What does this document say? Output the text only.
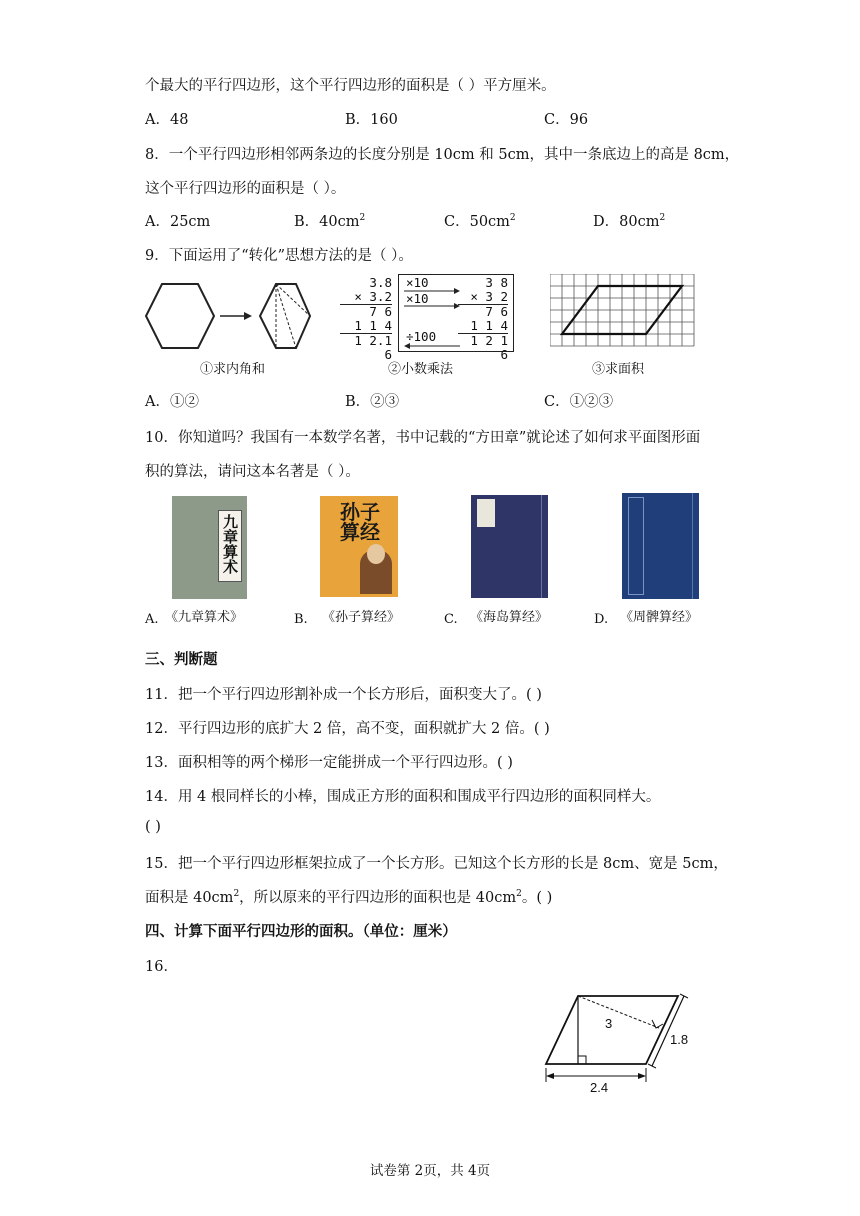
个最大的平行四边形，这个平行四边形的面积是（ ）平方厘米。
A．48	B．160	C．96
8．一个平行四边形相邻两条边的长度分别是 10cm 和 5cm，其中一条底边上的高是 8cm，
这个平行四边形的面积是（ ）。
A．25cm	B．$40cm^2$	C．$50cm^2$	D．$80cm^2$
9．下面运用了“转化”思想方法的是（ ）。
①求内角和
3.8
× 3.2
7 6
1 1 4
1 2.1 6
×10
×10
÷100
3 8
× 3 2
7 6
1 1 4
1 2 1 6
②小数乘法	③求面积
A．①②	B．②③	C．①②③
10．你知道吗？我国有一本数学名著，书中记载的“方田章”就论述了如何求平面图形面
积的算法，请问这本名著是（ ）。
九章算术
A. 《九章算术》
孙子算经
B. 《孙子算经》	C. 《海岛算经》	D. 《周髀算经》
三、判断题
11．把一个平行四边形割补成一个长方形后，面积变大了。( )
12．平行四边形的底扩大 2 倍，高不变，面积就扩大 2 倍。( )
13．面积相等的两个梯形一定能拼成一个平行四边形。( )
14．用 4 根同样长的小棒，围成正方形的面积和围成平行四边形的面积同样大。
( )
15．把一个平行四边形框架拉成了一个长方形。已知这个长方形的长是 8cm、宽是 5cm，
面积是 $40cm^2$，所以原来的平行四边形的面积也是 $40cm^2$。( )
四、计算下面平行四边形的面积。（单位：厘米）
16．
3
1.8
2.4
试卷第 2页，共 4页
